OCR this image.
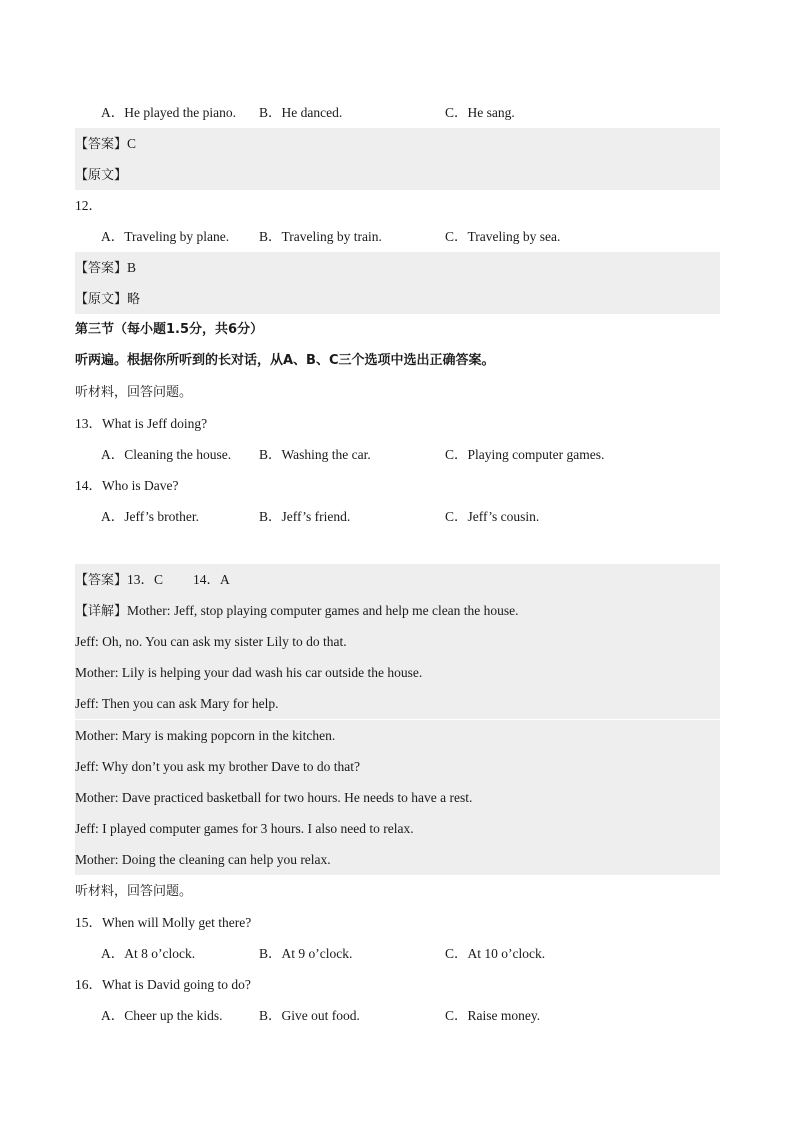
A．He played the piano. B．He danced.	C．He sang.
【答案】C
【原文】
12．
A．Traveling by plane. B．Traveling by train.	C．Traveling by sea.
【答案】B
【原文】略
第三节（每小题1.5分，共6分）
听两遍。根据你所听到的长对话，从A、B、C三个选项中选出正确答案。
听材料，回答问题。
13．What is Jeff doing?
A．Cleaning the house. B．Washing the car.	C．Playing computer games.
14．Who is Dave?
A．Jeff’s brother.	B．Jeff’s friend.	C．Jeff’s cousin.
【答案】13．C 14．A
【详解】Mother: Jeff, stop playing computer games and help me clean the house.
Jeff: Oh, no. You can ask my sister Lily to do that.
Mother: Lily is helping your dad wash his car outside the house.
Jeff: Then you can ask Mary for help.
Mother: Mary is making popcorn in the kitchen.
Jeff: Why don’t you ask my brother Dave to do that?
Mother: Dave practiced basketball for two hours. He needs to have a rest.
Jeff: I played computer games for 3 hours. I also need to relax.
Mother: Doing the cleaning can help you relax.
听材料，回答问题。
15．When will Molly get there?
A．At 8 o’clock.	B．At 9 o’clock.	C．At 10 o’clock.
16．What is David going to do?
A．Cheer up the kids.	B．Give out food.	C．Raise money.
